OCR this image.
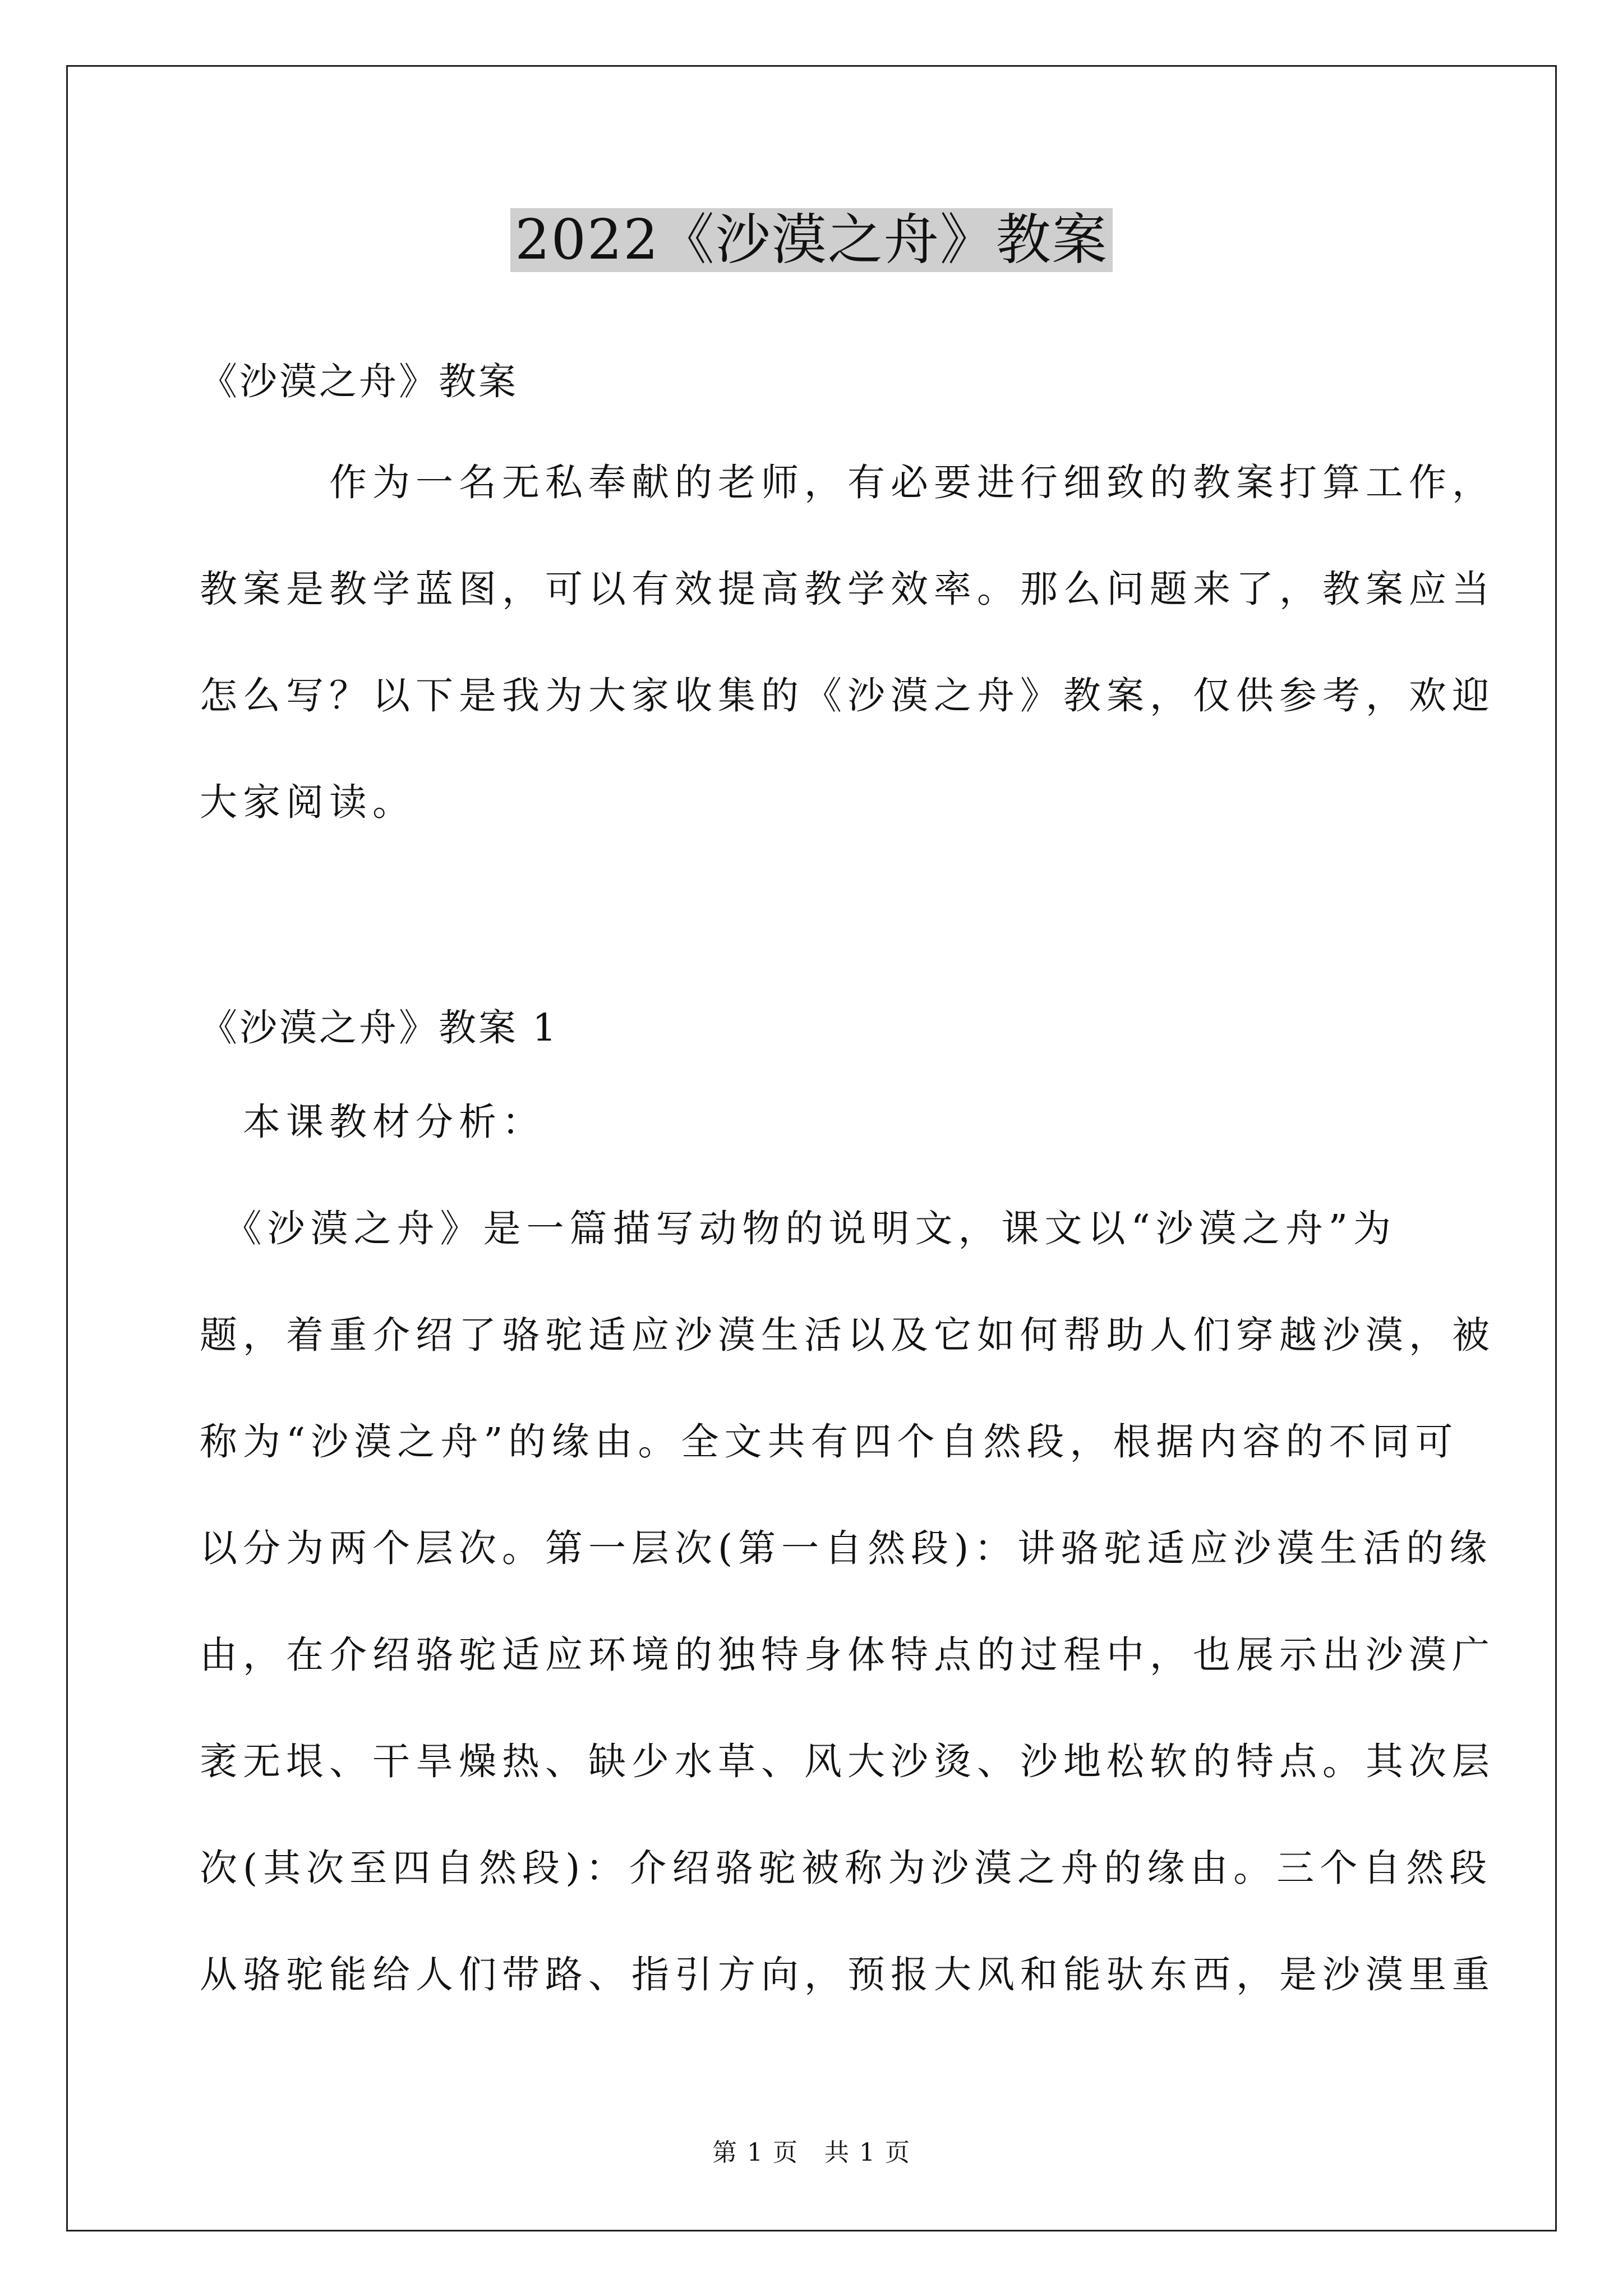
2022《沙漠之舟》教案
《沙漠之舟》教案
　　　作为一名无私奉献的老师，有必要进行细致的教案打算工作，
教案是教学蓝图，可以有效提高教学效率。那么问题来了，教案应当
怎么写？以下是我为大家收集的《沙漠之舟》教案，仅供参考，欢迎
大家阅读。
《沙漠之舟》教案 1
　本课教材分析：
　《沙漠之舟》是一篇描写动物的说明文，课文以“沙漠之舟”为
题，着重介绍了骆驼适应沙漠生活以及它如何帮助人们穿越沙漠，被
称为“沙漠之舟”的缘由。全文共有四个自然段，根据内容的不同可
以分为两个层次。第一层次(第一自然段)：讲骆驼适应沙漠生活的缘
由，在介绍骆驼适应环境的独特身体特点的过程中，也展示出沙漠广
袤无垠、干旱燥热、缺少水草、风大沙烫、沙地松软的特点。其次层
次(其次至四自然段)：介绍骆驼被称为沙漠之舟的缘由。三个自然段
从骆驼能给人们带路、指引方向，预报大风和能驮东西，是沙漠里重
第 1 页　共 1 页
